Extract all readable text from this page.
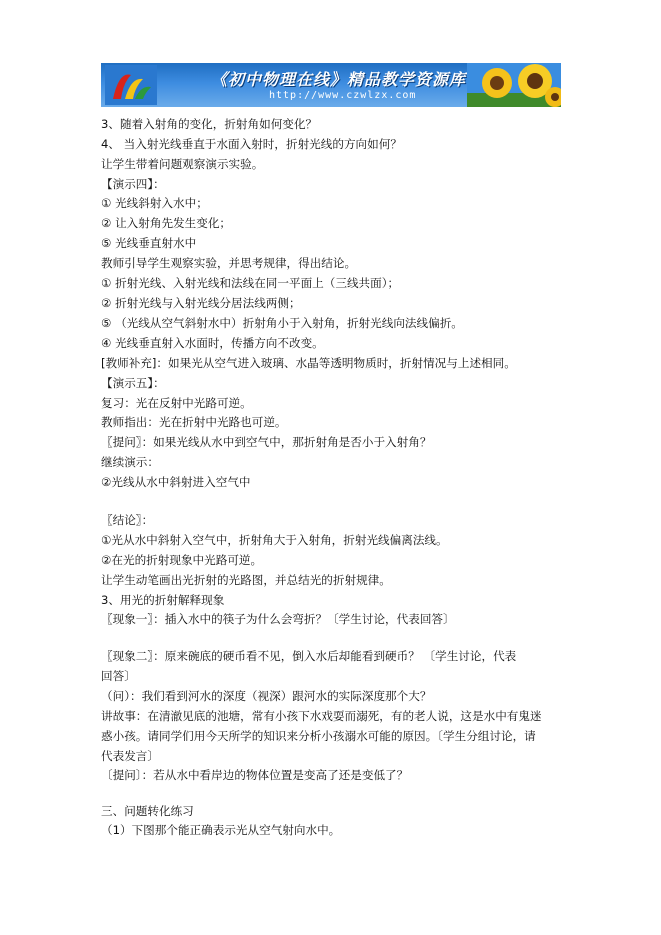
《初中物理在线》精品教学资源库
http://www.czwlzx.com
3、随着入射角的变化，折射角如何变化？
4、 当入射光线垂直于水面入射时，折射光线的方向如何？
让学生带着问题观察演示实验。
【演示四】：
① 光线斜射入水中；
② 让入射角先发生变化；
⑤ 光线垂直射水中
教师引导学生观察实验，并思考规律，得出结论。
① 折射光线、入射光线和法线在同一平面上（三线共面）；
② 折射光线与入射光线分居法线两侧；
⑤ （光线从空气斜射水中）折射角小于入射角，折射光线向法线偏折。
④ 光线垂直射入水面时，传播方向不改变。
[教师补充]：如果光从空气进入玻璃、水晶等透明物质时，折射情况与上述相同。
【演示五】：
复习：光在反射中光路可逆。
教师指出：光在折射中光路也可逆。
〖提问〗：如果光线从水中到空气中，那折射角是否小于入射角？
继续演示：
②光线从水中斜射进入空气中
〖结论〗：
①光从水中斜射入空气中，折射角大于入射角，折射光线偏离法线。
②在光的折射现象中光路可逆。
让学生动笔画出光折射的光路图，并总结光的折射规律。
3、用光的折射解释现象
〖现象一〗：插入水中的筷子为什么会弯折？〔学生讨论，代表回答〕
〖现象二〗：原来碗底的硬币看不见，倒入水后却能看到硬币？ 〔学生讨论，代表
回答〕
（问）：我们看到河水的深度（视深）跟河水的实际深度那个大？
讲故事：在清澈见底的池塘，常有小孩下水戏耍而溺死，有的老人说，这是水中有鬼迷
惑小孩。请同学们用今天所学的知识来分析小孩溺水可能的原因。〔学生分组讨论，请
代表发言〕
〔提问〕：若从水中看岸边的物体位置是变高了还是变低了？
三、问题转化练习
（1）下图那个能正确表示光从空气射向水中。
